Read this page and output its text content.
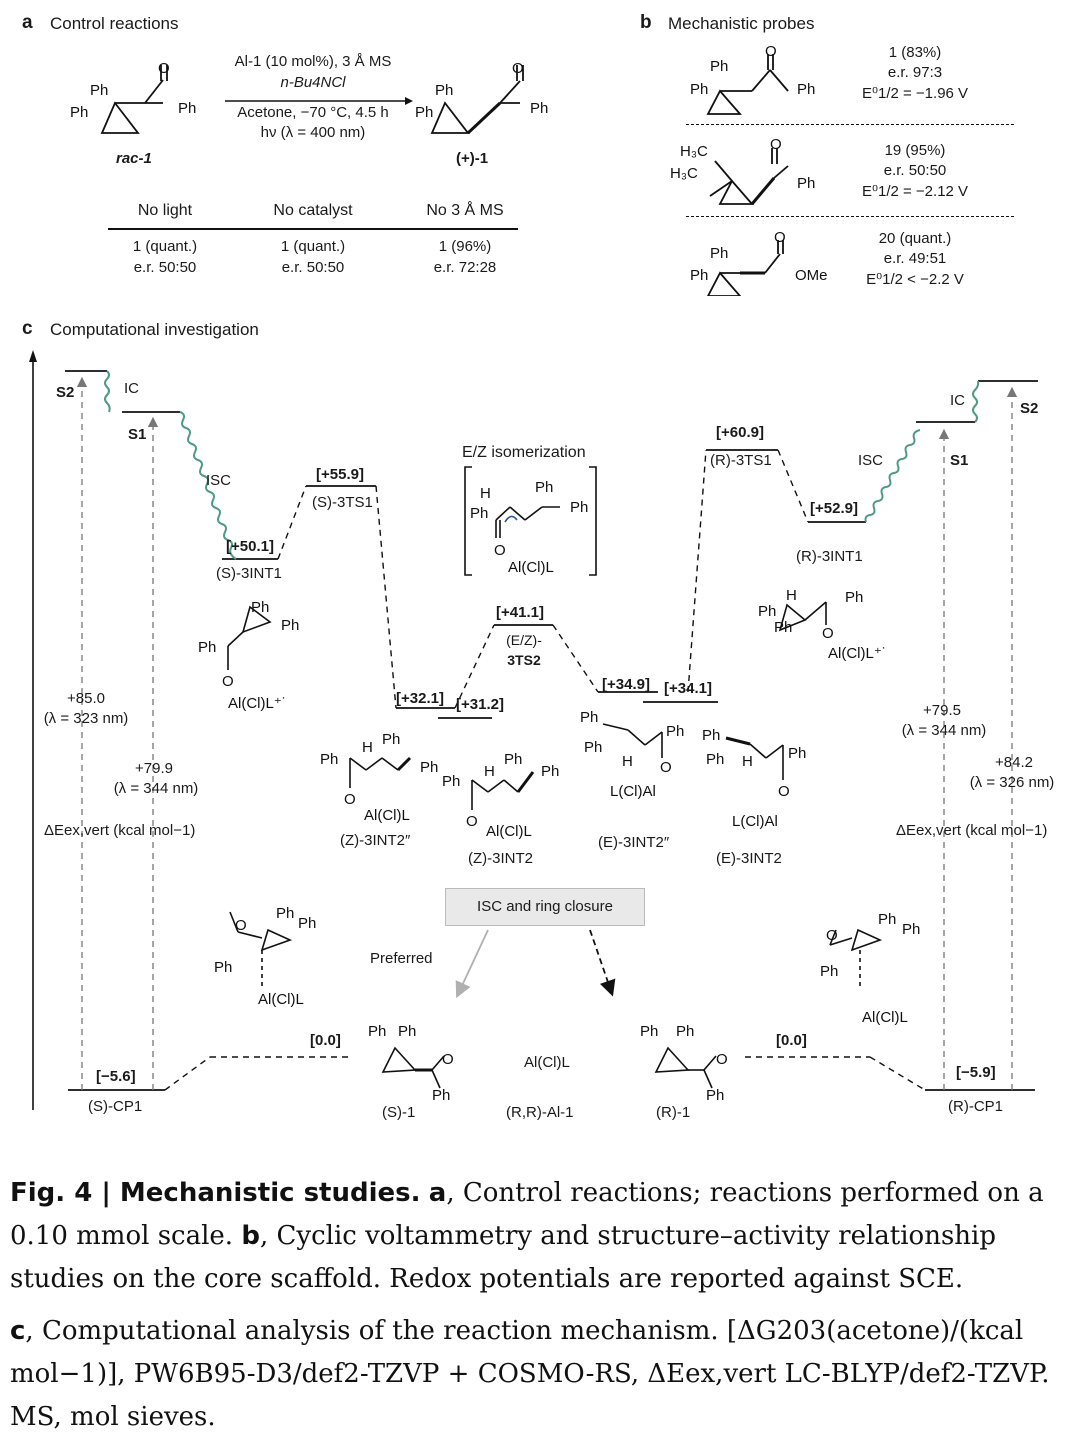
a Control reactions
Ph
Ph
O
Ph
Ph
Ph
O
Ph
Al-1 (10 mol%), 3 Å MS
n-Bu4NCl
Acetone, −70 °C, 4.5 h
hν (λ = 400 nm)
rac-1	(+)-1
No light	No catalyst	No 3 Å MS
1 (quant.)	1 (quant.)	1 (96%)
e.r. 50:50	e.r. 50:50	e.r. 72:28
b Mechanistic probes
Ph
Ph
O
Ph
H₃C
H₃C
O
Ph
Ph
Ph
O
OMe
1 (83%)
e.r. 97:3
E⁰1/2 = −1.96 V
19 (95%)
e.r. 50:50
E⁰1/2 = −2.12 V
20 (quant.)
e.r. 49:51
E⁰1/2 < −2.2 V
c Computational investigation
Ph
Ph
Ph
O
Al(Cl)L⁺˙
H	Ph
Ph
Ph O
Al(Cl)L⁺˙
H	Ph
Ph
Ph
O
Al(Cl)L
Ph
H Ph
Ph
O
Al(Cl)L
Ph
H
Ph
Ph
O
Al(Cl)L
Ph
Ph
H
Ph
O
L(Cl)Al
Ph
Ph H Ph
O
L(Cl)Al
O
Ph
Ph
Ph
Al(Cl)L
O
Ph
Ph
Ph
Al(Cl)L
Ph Ph
O
Ph
Ph Ph
O
Ph
[+50.1]
[+55.9]
[+32.1] [+31.2]
[+41.1]
[+34.9] [+34.1]
[+60.9]
[+52.9]
[−5.6]	[−5.9]
[0.0]	[0.0]
(S)-3INT1
(S)-3TS1
(R)-3TS1
(R)-3INT1
(E/Z)-
3TS2
(Z)-3INT2″
(Z)-3INT2
(E)-3INT2″
(E)-3INT2
(S)-CP1	(R)-CP1
(S)-1	(R)-1
(R,R)-Al-1
Al(Cl)L
IC
IC
ISC
ISC
S2
S1
S2
S1
E/Z isomerization
ISC and ring closure
Preferred
ΔEex,vert (kcal mol−1)	ΔEex,vert (kcal mol−1)
+85.0
(λ = 323 nm)
+79.9
(λ = 344 nm)
+79.5
(λ = 344 nm)
+84.2
(λ = 326 nm)
Fig. 4 | Mechanistic studies. a, Control reactions; reactions performed on a 0.10 mmol scale. b, Cyclic voltammetry and structure–activity relationship studies on the core scaffold. Redox potentials are reported against SCE.
c, Computational analysis of the reaction mechanism. [ΔG203(acetone)/(kcal mol−1)], PW6B95-D3/def2-TZVP + COSMO-RS, ΔEex,vert LC-BLYP/def2-TZVP. MS, mol sieves.
